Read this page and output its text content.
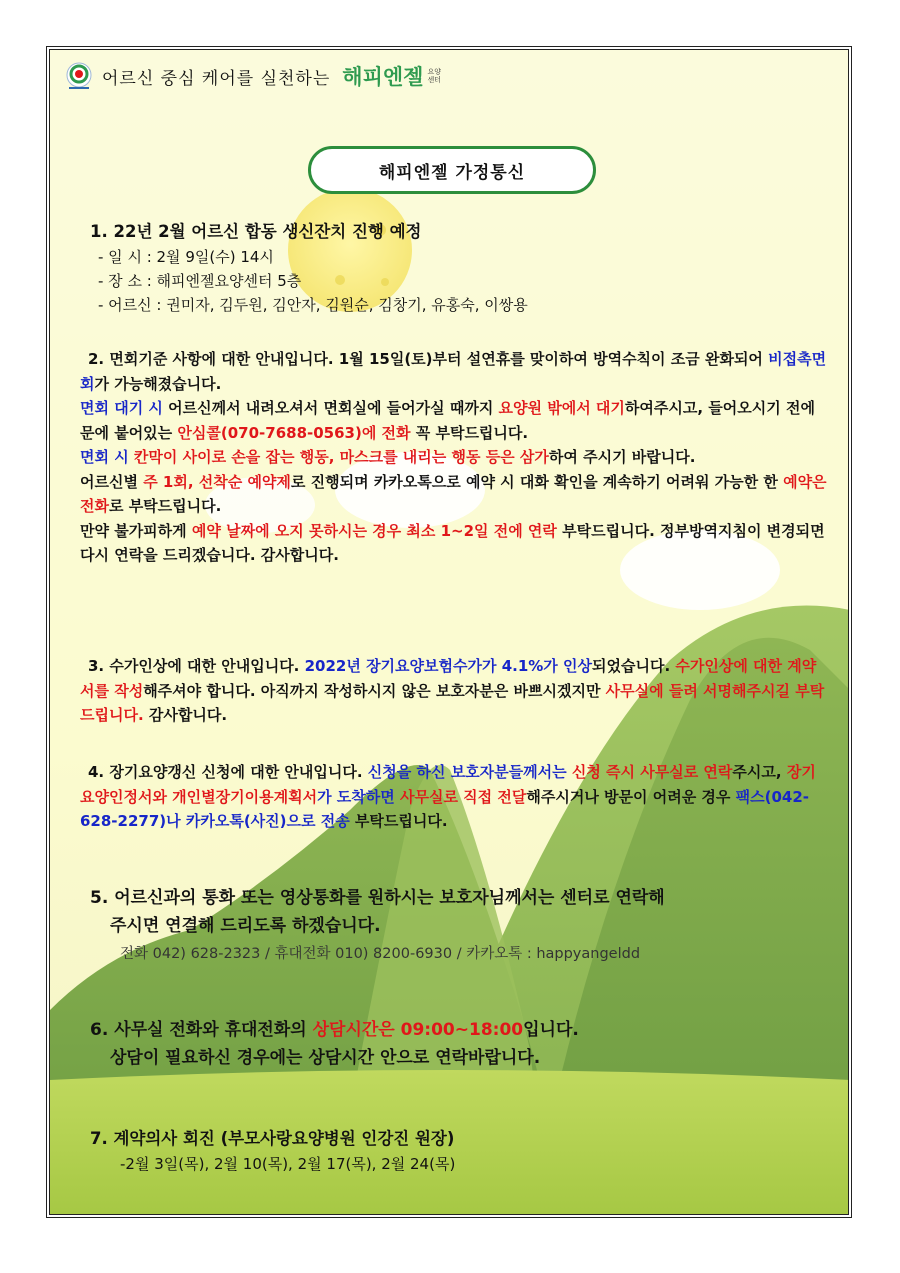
어르신 중심 케어를 실천하는 해피엔젤 요양
센터
해피엔젤 가정통신
1. 22년 2월 어르신 합동 생신잔치 진행 예정
- 일 시 : 2월 9일(수) 14시
- 장 소 : 해피엔젤요양센터 5층
- 어르신 : 권미자, 김두원, 김안자, 김원순, 김창기, 유홍숙, 이쌍용
2. 면회기준 사항에 대한 안내입니다. 1월 15일(토)부터 설연휴를 맞이하여 방역수칙이 조금 완화되어 비접촉면회가 가능해졌습니다.
면회 대기 시 어르신께서 내려오셔서 면회실에 들어가실 때까지 요양원 밖에서 대기하여주시고, 들어오시기 전에 문에 붙어있는 안심콜(070-7688-0563)에 전화 꼭 부탁드립니다.
면회 시 칸막이 사이로 손을 잡는 행동, 마스크를 내리는 행동 등은 삼가하여 주시기 바랍니다.
어르신별 주 1회, 선착순 예약제로 진행되며 카카오톡으로 예약 시 대화 확인을 계속하기 어려워 가능한 한 예약은 전화로 부탁드립니다.
만약 불가피하게 예약 날짜에 오지 못하시는 경우 최소 1~2일 전에 연락 부탁드립니다. 정부방역지침이 변경되면 다시 연락을 드리겠습니다. 감사합니다.
3. 수가인상에 대한 안내입니다. 2022년 장기요양보험수가가 4.1%가 인상되었습니다. 수가인상에 대한 계약서를 작성해주셔야 합니다. 아직까지 작성하시지 않은 보호자분은 바쁘시겠지만 사무실에 들려 서명해주시길 부탁드립니다. 감사합니다.
4. 장기요양갱신 신청에 대한 안내입니다. 신청을 하신 보호자분들께서는 신청 즉시 사무실로 연락주시고, 장기요양인정서와 개인별장기이용계획서가 도착하면 사무실로 직접 전달해주시거나 방문이 어려운 경우 팩스(042-628-2277)나 카카오톡(사진)으로 전송 부탁드립니다.
5. 어르신과의 통화 또는 영상통화를 원하시는 보호자님께서는 센터로 연락해
주시면 연결해 드리도록 하겠습니다.
전화 042) 628-2323 / 휴대전화 010) 8200-6930 / 카카오톡 : happyangeldd
6. 사무실 전화와 휴대전화의 상담시간은 09:00~18:00입니다.
상담이 필요하신 경우에는 상담시간 안으로 연락바랍니다.
7. 계약의사 회진 (부모사랑요양병원 인강진 원장)
-2월 3일(목), 2월 10(목), 2월 17(목), 2월 24(목)
